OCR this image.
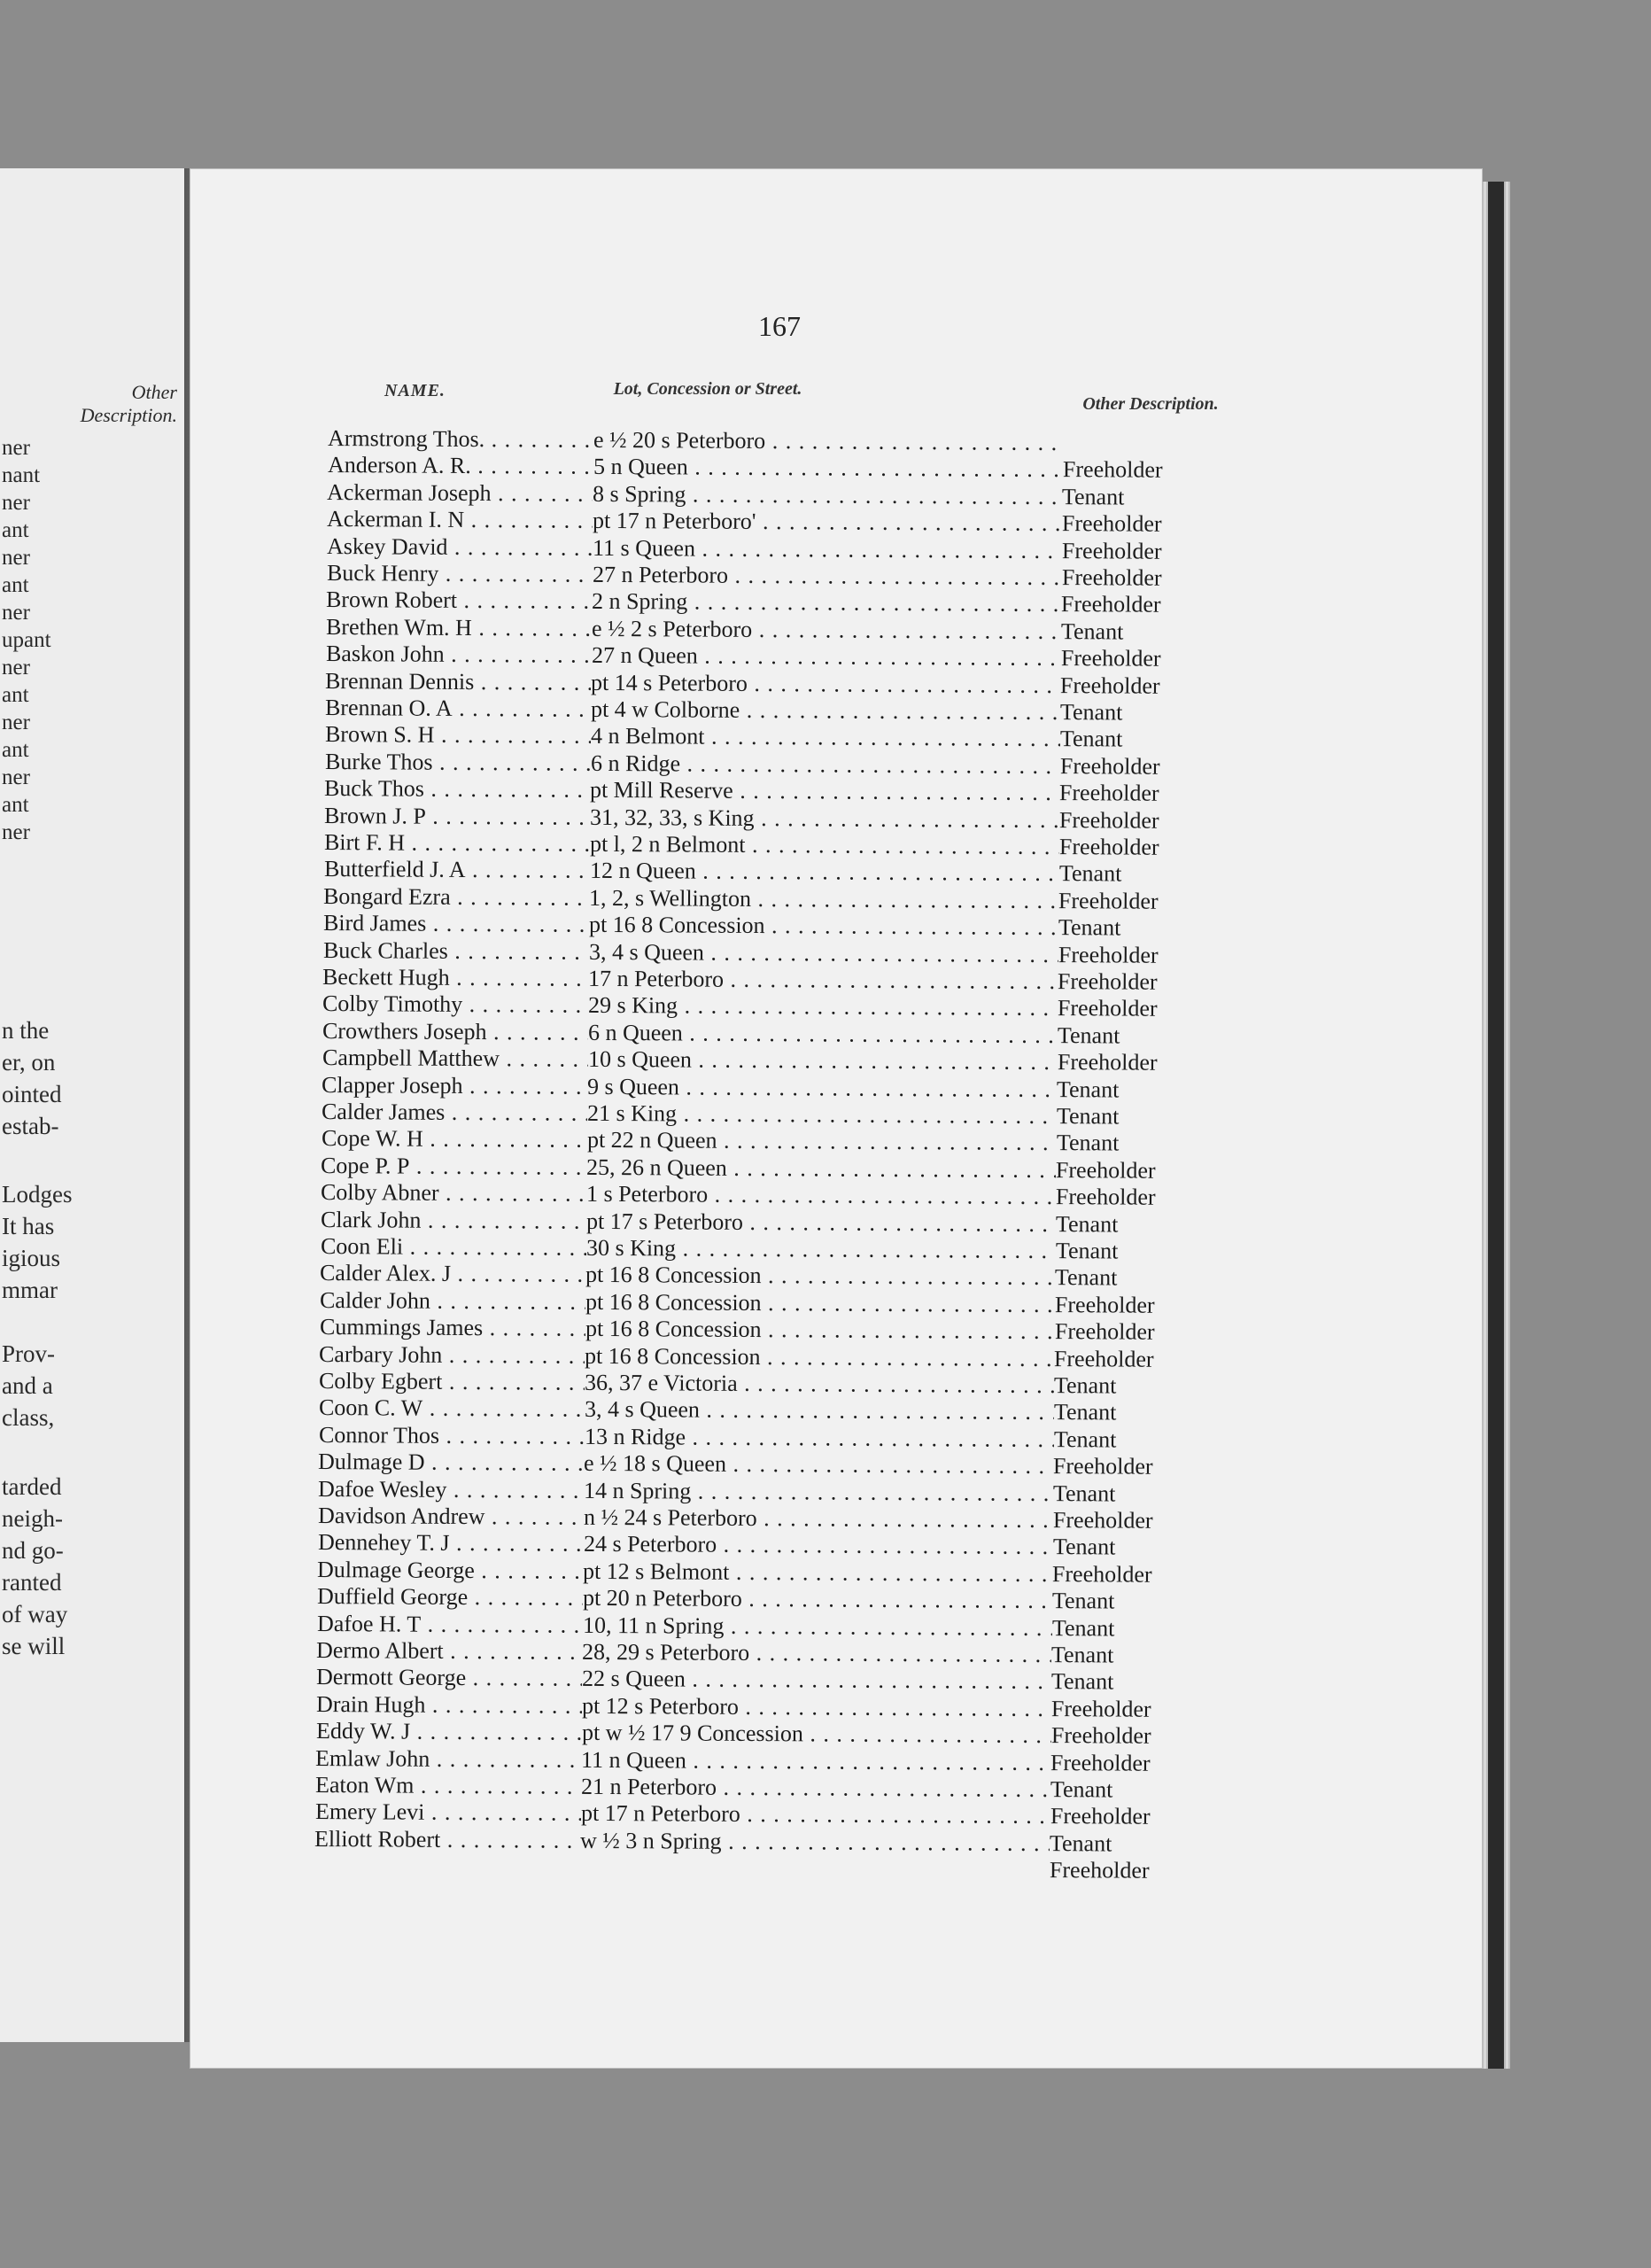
Other
Description.
ner
nant
ner
ant
ner
ant
ner
upant
ner
ant
ner
ant
ner
ant
ner
n the
er, on
ointed
estab-
Lodges
It has
igious
mmar
Prov-
and a
class,
tarded
neigh-
nd go-
ranted
of way
se will
167
NAME.	Lot, Concession or Street.
Other Description.
Armstrong Thos. . . .	e ½ 20 s Peterboro . . .
Anderson A. R. . . .	5 n Queen . . .	Freeholder
Ackerman Joseph . . .	8 s Spring . . .	Tenant
Ackerman I. N . . .	pt 17 n Peterboro' . . .	Freeholder
Askey David . . .	11 s Queen . . .	Freeholder
Buck Henry . . .	27 n Peterboro . . .	Freeholder
Brown Robert . . .	2 n Spring . . .	Freeholder
Brethen Wm. H . . .	e ½ 2 s Peterboro . . .	Tenant
Baskon John . . .	27 n Queen . . .	Freeholder
Brennan Dennis . . .	pt 14 s Peterboro . . .	Freeholder
Brennan O. A . . .	pt 4 w Colborne . . .	Tenant
Brown S. H . . .	4 n Belmont . . .	Tenant
Burke Thos . . .	6 n Ridge . . .	Freeholder
Buck Thos . . .	pt Mill Reserve . . .	Freeholder
Brown J. P . . .	31, 32, 33, s King . . .	Freeholder
Birt F. H . . .	pt l, 2 n Belmont . . .	Freeholder
Butterfield J. A . . .	12 n Queen . . .	Tenant
Bongard Ezra . . .	1, 2, s Wellington . . .	Freeholder
Bird James . . .	pt 16 8 Concession . . .	Tenant
Buck Charles . . .	3, 4 s Queen . . .	Freeholder
Beckett Hugh . . .	17 n Peterboro . . .	Freeholder
Colby Timothy . . .	29 s King . . .	Freeholder
Crowthers Joseph . . .	6 n Queen . . .	Tenant
Campbell Matthew . . .	10 s Queen . . .	Freeholder
Clapper Joseph . . .	9 s Queen . . .	Tenant
Calder James . . .	21 s King . . .	Tenant
Cope W. H . . .	pt 22 n Queen . . .	Tenant
Cope P. P . . .	25, 26 n Queen . . .	Freeholder
Colby Abner . . .	1 s Peterboro . . .	Freeholder
Clark John . . .	pt 17 s Peterboro . . .	Tenant
Coon Eli . . .	30 s King . . .	Tenant
Calder Alex. J . . .	pt 16 8 Concession . . .	Tenant
Calder John . . .	pt 16 8 Concession . . .	Freeholder
Cummings James . . .	pt 16 8 Concession . . .	Freeholder
Carbary John . . .	pt 16 8 Concession . . .	Freeholder
Colby Egbert . . .	36, 37 e Victoria . . .	Tenant
Coon C. W . . .	3, 4 s Queen . . .	Tenant
Connor Thos . . .	13 n Ridge . . .	Tenant
Dulmage D . . .	e ½ 18 s Queen . . .	Freeholder
Dafoe Wesley . . .	14 n Spring . . .	Tenant
Davidson Andrew . . .	n ½ 24 s Peterboro . . .	Freeholder
Dennehey T. J . . .	24 s Peterboro . . .	Tenant
Dulmage George . . .	pt 12 s Belmont . . .	Freeholder
Duffield George . . .	pt 20 n Peterboro . . .	Tenant
Dafoe H. T . . .	10, 11 n Spring . . .	Tenant
Dermo Albert . . .	28, 29 s Peterboro . . .	Tenant
Dermott George . . .	22 s Queen . . .	Tenant
Drain Hugh . . .	pt 12 s Peterboro . . .	Freeholder
Eddy W. J . . .	pt w ½ 17 9 Concession . . .	Freeholder
Emlaw John . . .	11 n Queen . . .	Freeholder
Eaton Wm . . .	21 n Peterboro . . .	Tenant
Emery Levi . . .	pt 17 n Peterboro . . .	Freeholder
Elliott Robert . . .	w ½ 3 n Spring . . .	Tenant
Freeholder
